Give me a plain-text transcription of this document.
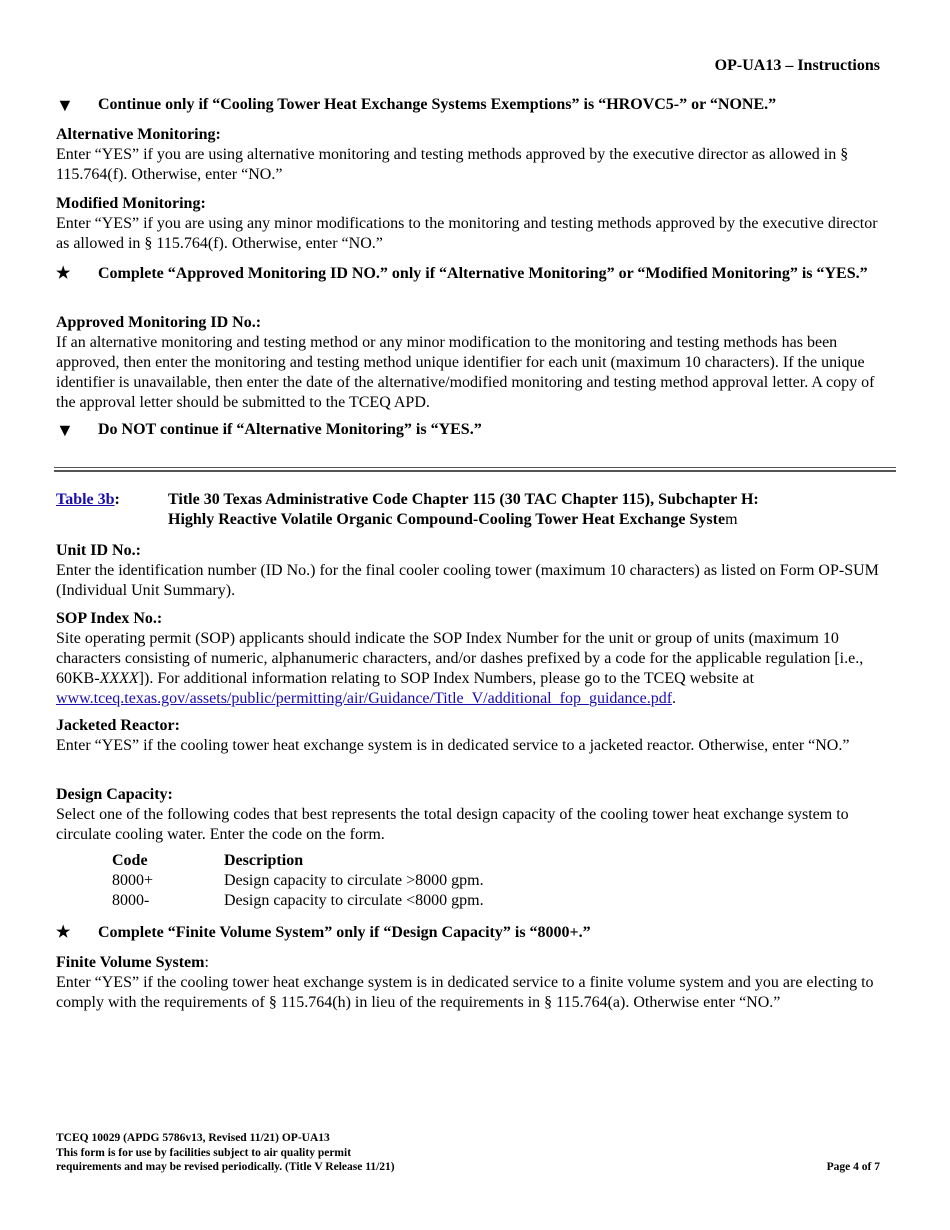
OP-UA13 – Instructions
▼	Continue only if “Cooling Tower Heat Exchange Systems Exemptions” is “HROVC5-” or “NONE.”
Alternative Monitoring:
Enter “YES” if you are using alternative monitoring and testing methods approved by the executive director as allowed in § 115.764(f). Otherwise, enter “NO.”
Modified Monitoring:
Enter “YES” if you are using any minor modifications to the monitoring and testing methods approved by the executive director as allowed in § 115.764(f). Otherwise, enter “NO.”
★	Complete “Approved Monitoring ID NO.” only if “Alternative Monitoring” or “Modified Monitoring” is “YES.”
Approved Monitoring ID No.:
If an alternative monitoring and testing method or any minor modification to the monitoring and testing methods has been approved, then enter the monitoring and testing method unique identifier for each unit (maximum 10 characters). If the unique identifier is unavailable, then enter the date of the alternative/modified monitoring and testing method approval letter. A copy of the approval letter should be submitted to the TCEQ APD.
▼	Do NOT continue if “Alternative Monitoring” is “YES.”
Table 3b:	Title 30 Texas Administrative Code Chapter 115 (30 TAC Chapter 115), Subchapter H:
Highly Reactive Volatile Organic Compound-Cooling Tower Heat Exchange System
Unit ID No.:
Enter the identification number (ID No.) for the final cooler cooling tower (maximum 10 characters) as listed on Form OP-SUM (Individual Unit Summary).
SOP Index No.:
Site operating permit (SOP) applicants should indicate the SOP Index Number for the unit or group of units (maximum 10 characters consisting of numeric, alphanumeric characters, and/or dashes prefixed by a code for the applicable regulation [i.e., 60KB-XXXX]). For additional information relating to SOP Index Numbers, please go to the TCEQ website at www.tceq.texas.gov/assets/public/permitting/air/Guidance/Title_V/additional_fop_guidance.pdf.
Jacketed Reactor:
Enter “YES” if the cooling tower heat exchange system is in dedicated service to a jacketed reactor. Otherwise, enter “NO.”
Design Capacity:
Select one of the following codes that best represents the total design capacity of the cooling tower heat exchange system to circulate cooling water. Enter the code on the form.
Code	Description
8000+	Design capacity to circulate >8000 gpm.
8000-	Design capacity to circulate <8000 gpm.
★	Complete “Finite Volume System” only if “Design Capacity” is “8000+.”
Finite Volume System:
Enter “YES” if the cooling tower heat exchange system is in dedicated service to a finite volume system and you are electing to comply with the requirements of § 115.764(h) in lieu of the requirements in § 115.764(a). Otherwise enter “NO.”
TCEQ 10029 (APDG 5786v13, Revised 11/21) OP-UA13
This form is for use by facilities subject to air quality permit
requirements and may be revised periodically. (Title V Release 11/21)	Page 4 of 7
